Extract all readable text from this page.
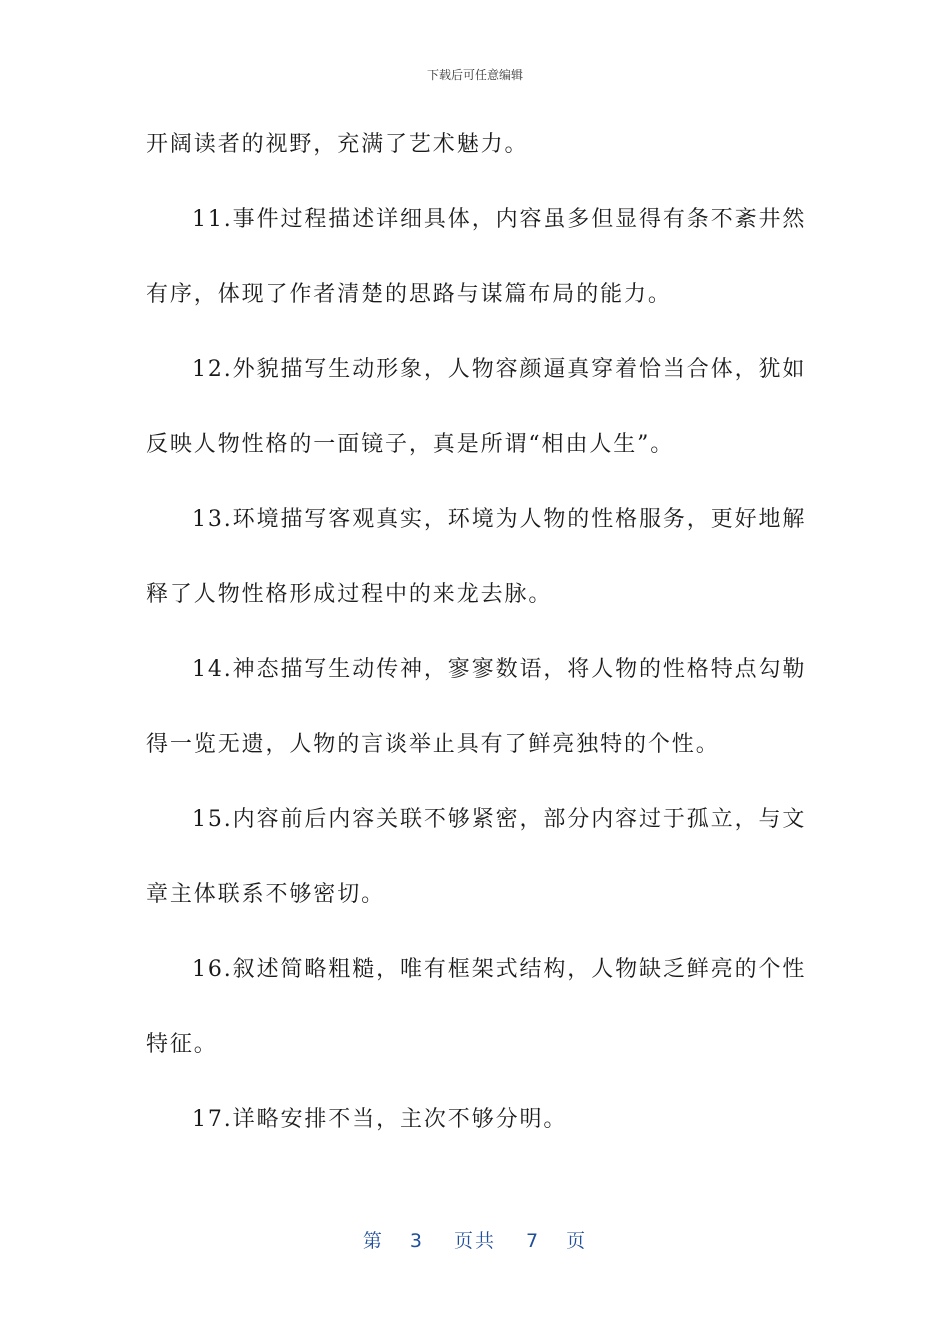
下载后可任意编辑
开阔读者的视野，充满了艺术魅力。
11.事件过程描述详细具体，内容虽多但显得有条不紊井然
有序，体现了作者清楚的思路与谋篇布局的能力。
12.外貌描写生动形象，人物容颜逼真穿着恰当合体，犹如
反映人物性格的一面镜子，真是所谓“相由人生”。
13.环境描写客观真实，环境为人物的性格服务，更好地解
释了人物性格形成过程中的来龙去脉。
14.神态描写生动传神，寥寥数语，将人物的性格特点勾勒
得一览无遗，人物的言谈举止具有了鲜亮独特的个性。
15.内容前后内容关联不够紧密，部分内容过于孤立，与文
章主体联系不够密切。
16.叙述简略粗糙，唯有框架式结构，人物缺乏鲜亮的个性
特征。
17.详略安排不当，主次不够分明。
第 3 页共 7 页
